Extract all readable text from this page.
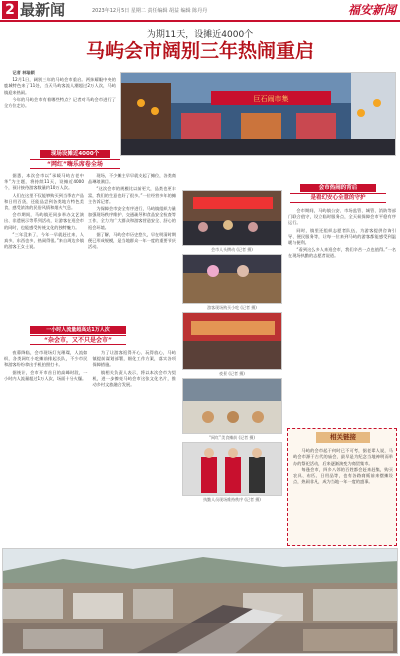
2 最新闻	2023年12月5日 星期二 责任编辑 胡益 编辑 陈丹丹	福安新闻
为期11天，设摊近4000个
马屿会市阔别三年热闹重启

记者 林瑜颖

12月1日，阔别三年的马屿会市重启。两抹耀眼中央的鹿城特色来了11处，当天马屿客流人潮超过2万人次，马屿镇迎来热闹。

今年的马屿会市有着哪些特点？记者对马屿会市进行了全方位走访。

巨石闹市集
现场设摊近4000个
“网红”嗨乐席卷全场

据悉，本次会市以“承载马屿古老中华”为主题，将持续11天，设摊近4000个，预计接待游客数量约10万人次。

人们在这里不仅能够购买到当季农产品和日用百货，还能品尝到各类地方特色美食，感受浓浓的民俗风情和烟火气息。

会市期间，马屿镇还同步举办文艺演出、非遗展示等系列活动，让游客在逛会市的同时，也能感受传统文化的独特魅力。

“三年没来了，今年一早就赶过来，人真多，东西也多，热闹得很。”来自周边乡镇的游客王女士说。

现场，不少摊主早早就支起了摊位，各类商品琳琅满目。

“这次会市的规模比以前更大，品类也更丰富，我们的生意也好了很多。”一位经营多年的摊主告诉记者。

为保障会市安全有序进行，马屿镇组织力量加强现场秩序维护、交通疏导和食品安全检查等工作，全力为广大群众和游客营造安全、舒心的逛会环境。

据了解，马屿会市历史悠久，早在明清时期便已形成规模，是当地群众一年一度的重要节庆活动。

一小时人流量超高达1万人次
“杂会市，又不只是会市”

夜幕降临，会市现场灯光璀璨，人流如织，各类网红小吃摊前排起长队，不少市民和游客纷纷拿出手机拍照打卡。

据统计，会市开市首日的高峰时段，一小时内人流量超过1万人次，场面十分火爆。

为了让游客逛得开心、玩得放心，马屿镇提前谋划部署，细化工作方案，落实各项保障措施。

镇相关负责人表示，将以本次会市为契机，进一步擦亮马屿会市这张文化名片，推动乡村文旅融合发展。

会市人头攒动 (记者 摄)
游客现场购买小吃 (记者 摄)
夜景 (记者 摄)
“网红”美食摊前 (记者 摄)
执勤人员现场维持秩序 (记者 摄)
会市热闹的背后
是看幻安心全意的守护

会市期间，马屿镇公安、市场监管、城管、消防等部门联合值守，设立临时服务点，全天候保障会市平稳有序运行。

同时，镇里还组织志愿者队伍，为游客提供咨询引导、便民服务等，让每一位来到马屿的游客都能感受到温暖与便利。

“看到这么多人来逛会市，我们辛苦一点也值得。”一名在现场执勤的志愿者说道。

相关链接

马屿的会市起于何时已不可考，据老辈人说，马屿会市源于古代的庙会，最早是为纪念当地神明而举办的祭祀活动，后来逐渐演变为商贸集市。

每逢会市，四乡八邻的百姓都会赶来赶集，购买农具、布匹、日用品等，也有各路商贩前来摆摊设点，热闹非凡，成为当地一年一度的盛事。
